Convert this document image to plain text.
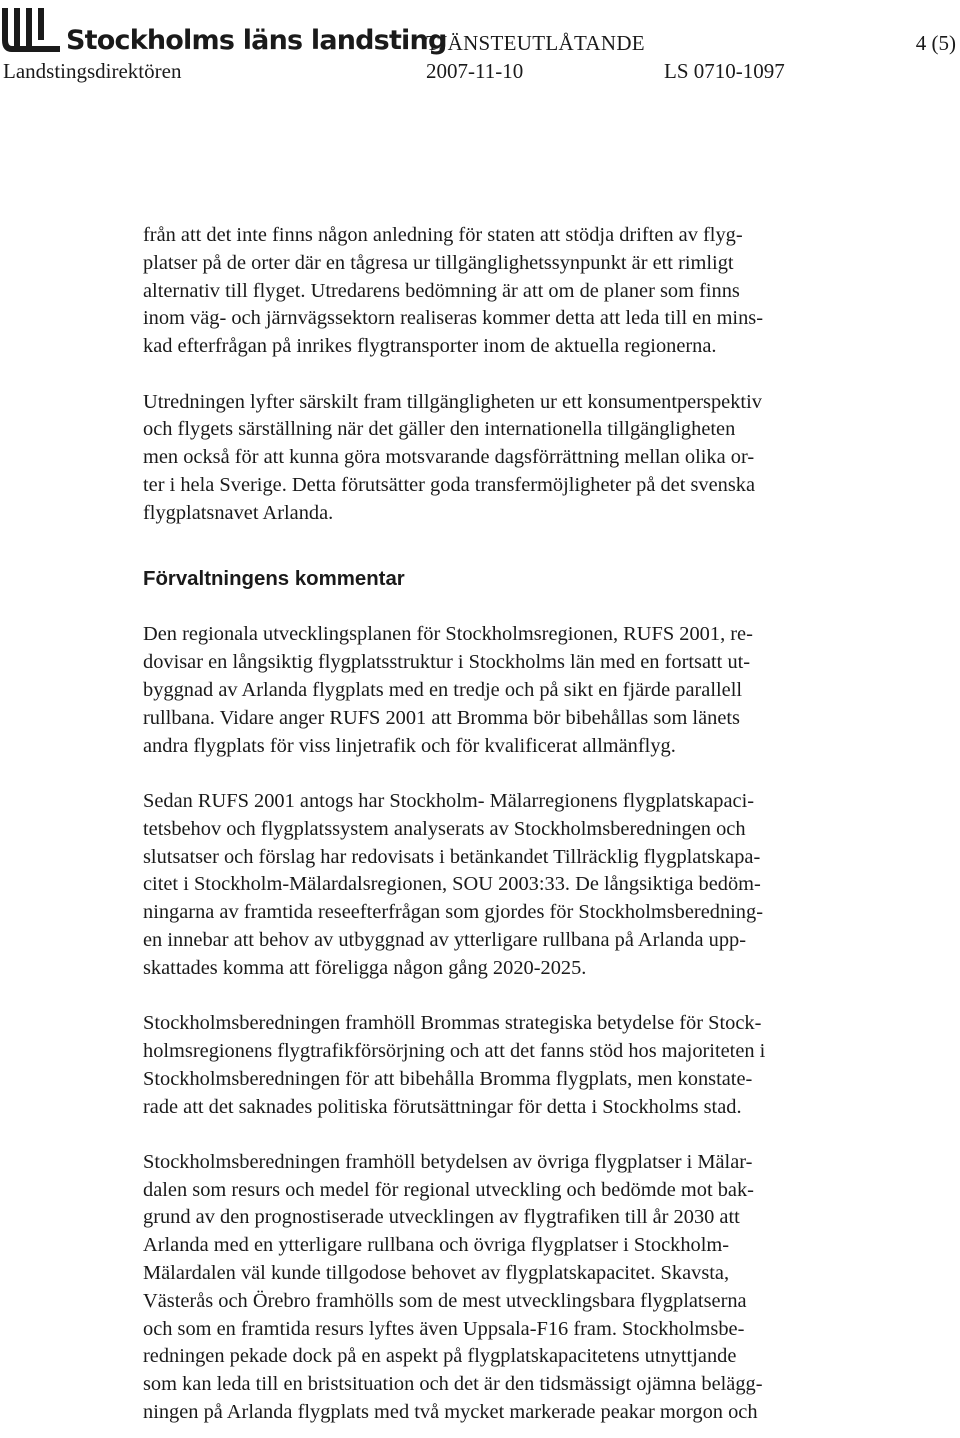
Stockholms läns landsting
TJÄNSTEUTLÅTANDE	4 (5)
Landstingsdirektören	2007-11-10	LS 0710-1097

från att det inte finns någon anledning för staten att stödja driften av flyg-
platser på de orter där en tågresa ur tillgänglighetssynpunkt är ett rimligt
alternativ till flyget. Utredarens bedömning är att om de planer som finns
inom väg- och järnvägssektorn realiseras kommer detta att leda till en mins-
kad efterfrågan på inrikes flygtransporter inom de aktuella regionerna.

Utredningen lyfter särskilt fram tillgängligheten ur ett konsumentperspektiv
och flygets särställning när det gäller den internationella tillgängligheten
men också för att kunna göra motsvarande dagsförrättning mellan olika or-
ter i hela Sverige. Detta förutsätter goda transfermöjligheter på det svenska
flygplatsnavet Arlanda.

Förvaltningens kommentar

Den regionala utvecklingsplanen för Stockholmsregionen, RUFS 2001, re-
dovisar en långsiktig flygplatsstruktur i Stockholms län med en fortsatt ut-
byggnad av Arlanda flygplats med en tredje och på sikt en fjärde parallell
rullbana. Vidare anger RUFS 2001 att Bromma bör bibehållas som länets
andra flygplats för viss linjetrafik och för kvalificerat allmänflyg.

Sedan RUFS 2001 antogs har Stockholm- Mälarregionens flygplatskapaci-
tetsbehov och flygplatssystem analyserats av Stockholmsberedningen och
slutsatser och förslag har redovisats i betänkandet Tillräcklig flygplatskapa-
citet i Stockholm-Mälardalsregionen, SOU 2003:33. De långsiktiga bedöm-
ningarna av framtida reseefterfrågan som gjordes för Stockholmsberedning-
en innebar att behov av utbyggnad av ytterligare rullbana på Arlanda upp-
skattades komma att föreligga någon gång 2020-2025.

Stockholmsberedningen framhöll Brommas strategiska betydelse för Stock-
holmsregionens flygtrafikförsörjning och att det fanns stöd hos majoriteten i
Stockholmsberedningen för att bibehålla Bromma flygplats, men konstate-
rade att det saknades politiska förutsättningar för detta i Stockholms stad.

Stockholmsberedningen framhöll betydelsen av övriga flygplatser i Mälar-
dalen som resurs och medel för regional utveckling och bedömde mot bak-
grund av den prognostiserade utvecklingen av flygtrafiken till år 2030 att
Arlanda med en ytterligare rullbana och övriga flygplatser i Stockholm-
Mälardalen väl kunde tillgodose behovet av flygplatskapacitet. Skavsta,
Västerås och Örebro framhölls som de mest utvecklingsbara flygplatserna
och som en framtida resurs lyftes även Uppsala-F16 fram. Stockholmsbe-
redningen pekade dock på en aspekt på flygplatskapacitetens utnyttjande
som kan leda till en bristsituation och det är den tidsmässigt ojämna belägg-
ningen på Arlanda flygplats med två mycket markerade peakar morgon och
